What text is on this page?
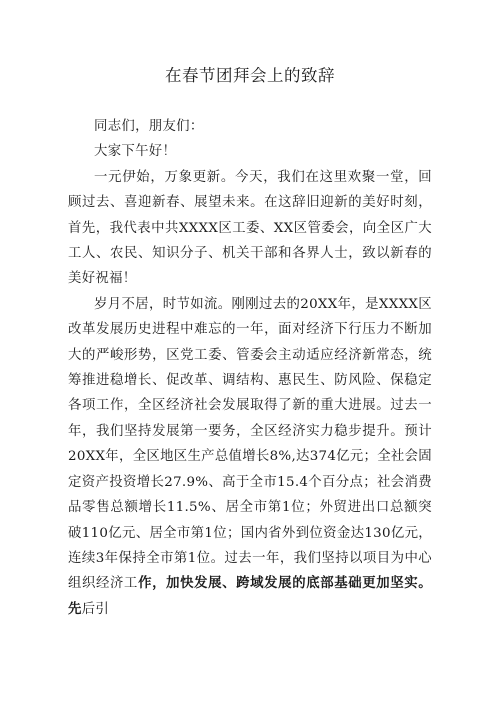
在春节团拜会上的致辞

同志们，朋友们：

大家下午好！

一元伊始，万象更新。今天，我们在这里欢聚一堂，回顾过去、喜迎新春、展望未来。在这辞旧迎新的美好时刻，首先，我代表中共XXXX区工委、XX区管委会，向全区广大工人、农民、知识分子、机关干部和各界人士，致以新春的美好祝福！

岁月不居，时节如流。刚刚过去的20XX年，是XXXX区改革发展历史进程中难忘的一年，面对经济下行压力不断加大的严峻形势，区党工委、管委会主动适应经济新常态，统筹推进稳增长、促改革、调结构、惠民生、防风险、保稳定各项工作，全区经济社会发展取得了新的重大进展。过去一年，我们坚持发展第一要务，全区经济实力稳步提升。预计20XX年，全区地区生产总值增长8%,达374亿元；全社会固定资产投资增长27.9%、高于全市15.4个百分点；社会消费品零售总额增长11.5%、居全市第1位；外贸进出口总额突破110亿元、居全市第1位；国内省外到位资金达130亿元，连续3年保持全市第1位。过去一年，我们坚持以项目为中心组织经济工作，加快发展、跨域发展的底部基础更加坚实。先后引
